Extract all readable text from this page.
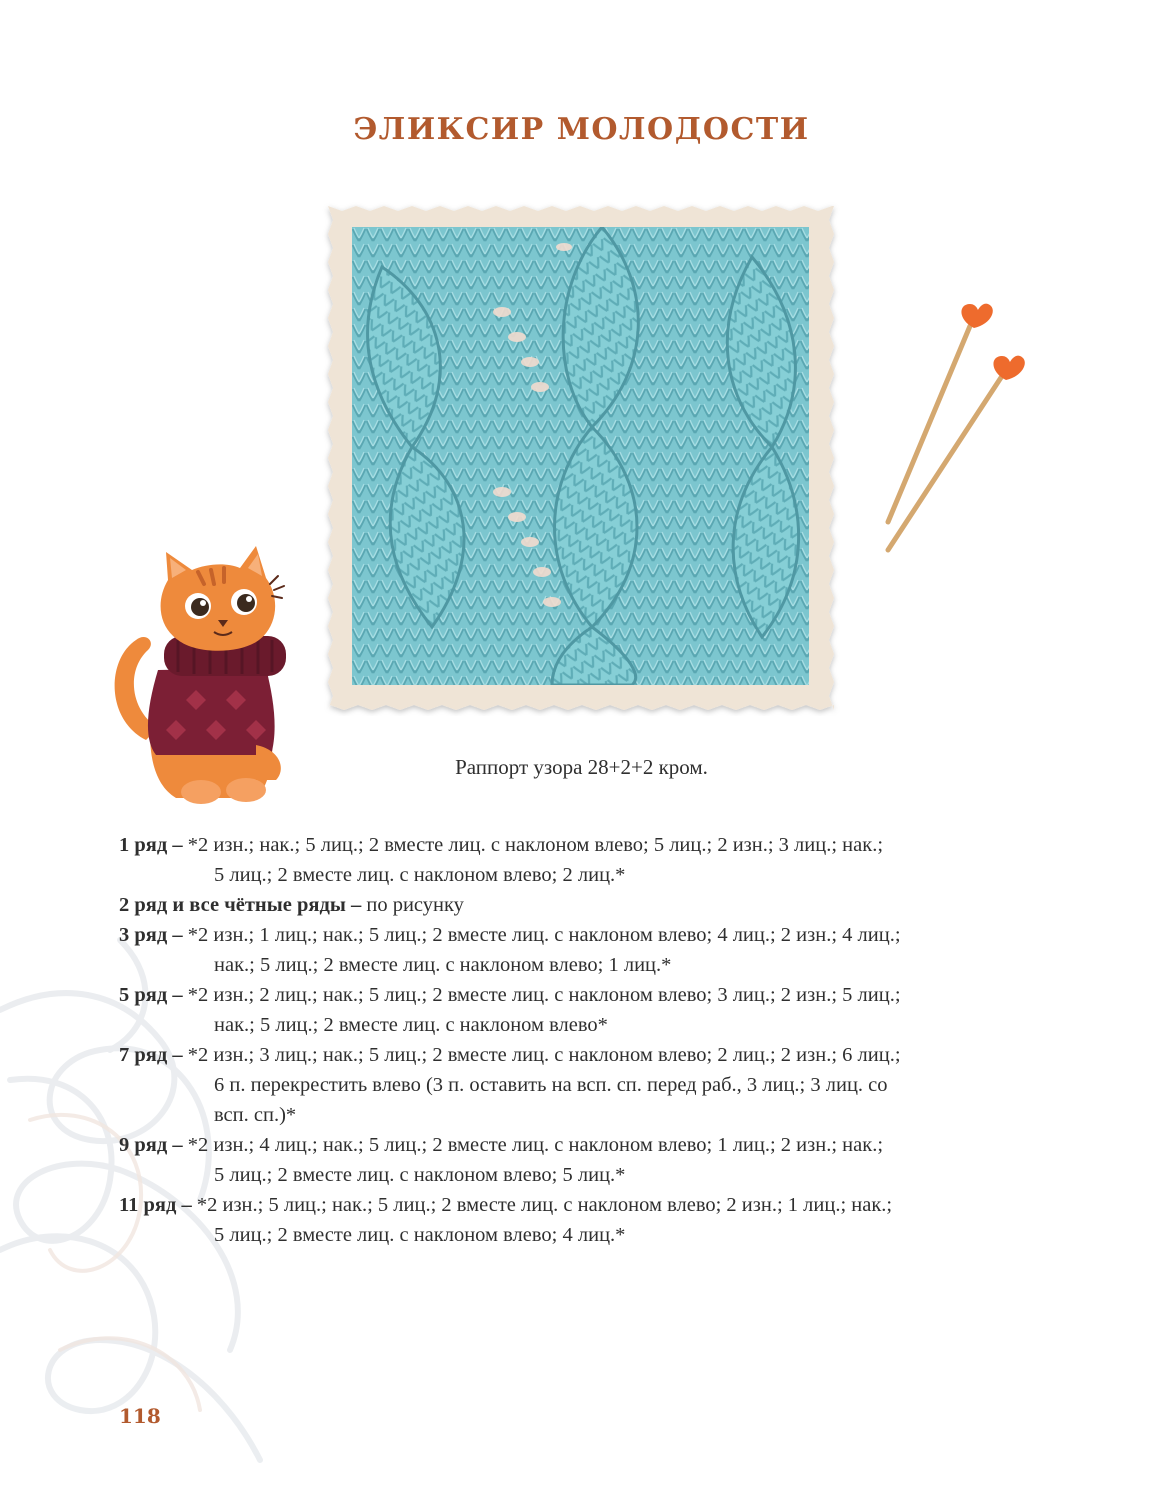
ЭЛИКСИР МОЛОДОСТИ
Раппорт узора 28+2+2 кром.
1 ряд – *2 изн.; нак.; 5 лиц.; 2 вместе лиц. с наклоном влево; 5 лиц.; 2 изн.; 3 лиц.; нак.;
5 лиц.; 2 вместе лиц. с наклоном влево; 2 лиц.*
2 ряд и все чётные ряды – по рисунку
3 ряд – *2 изн.; 1 лиц.; нак.; 5 лиц.; 2 вместе лиц. с наклоном влево; 4 лиц.; 2 изн.; 4 лиц.;
нак.; 5 лиц.; 2 вместе лиц. с наклоном влево; 1 лиц.*
5 ряд – *2 изн.; 2 лиц.; нак.; 5 лиц.; 2 вместе лиц. с наклоном влево; 3 лиц.; 2 изн.; 5 лиц.;
нак.; 5 лиц.; 2 вместе лиц. с наклоном влево*
7 ряд – *2 изн.; 3 лиц.; нак.; 5 лиц.; 2 вместе лиц. с наклоном влево; 2 лиц.; 2 изн.; 6 лиц.;
6 п. перекрестить влево (3 п. оставить на всп. сп. перед раб., 3 лиц.; 3 лиц. со
всп. сп.)*
9 ряд – *2 изн.; 4 лиц.; нак.; 5 лиц.; 2 вместе лиц. с наклоном влево; 1 лиц.; 2 изн.; нак.;
5 лиц.; 2 вместе лиц. с наклоном влево; 5 лиц.*
11 ряд – *2 изн.; 5 лиц.; нак.; 5 лиц.; 2 вместе лиц. с наклоном влево; 2 изн.; 1 лиц.; нак.;
5 лиц.; 2 вместе лиц. с наклоном влево; 4 лиц.*
118
